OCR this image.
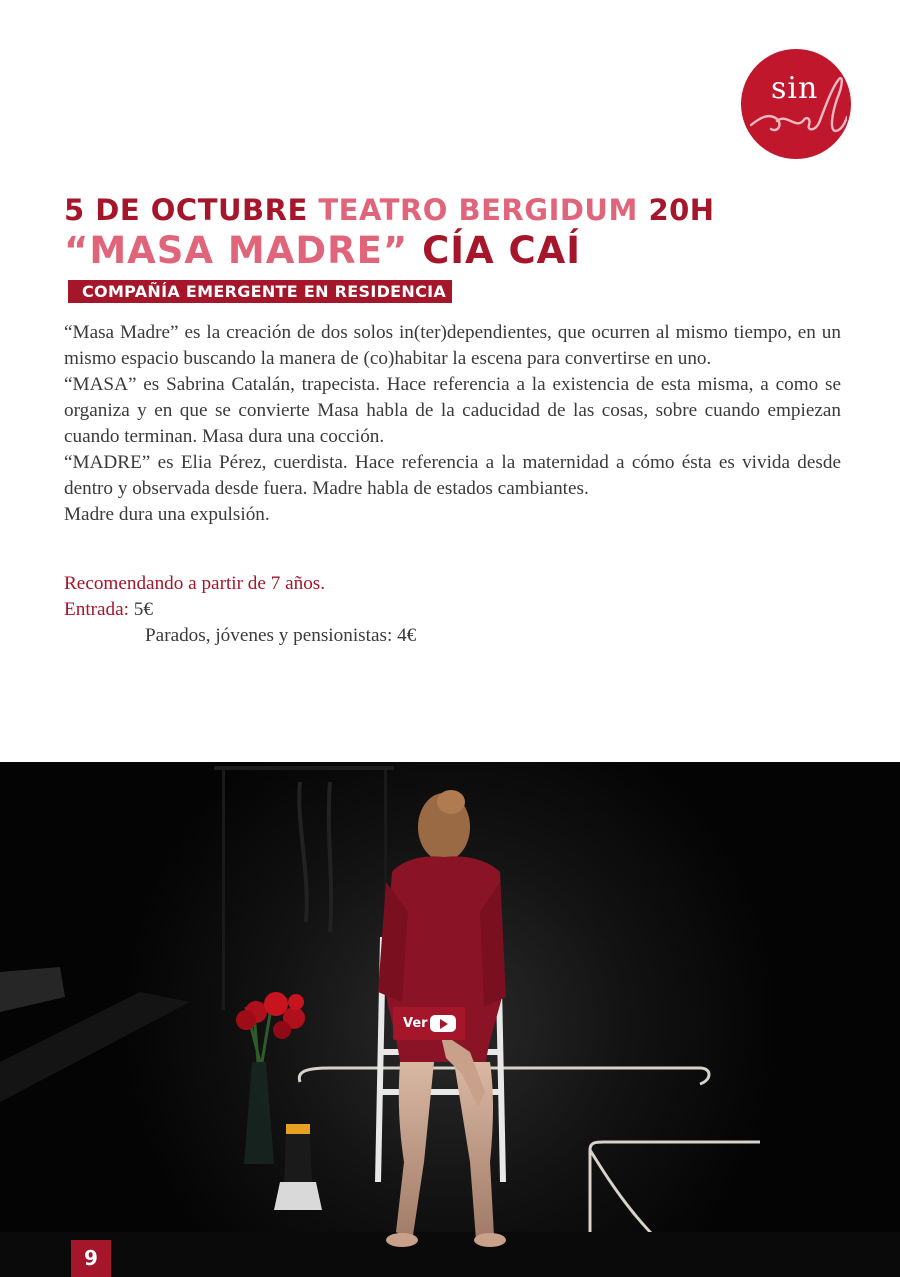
sin
5 DE OCTUBRE TEATRO BERGIDUM 20H
“MASA MADRE” CÍA CAÍ
COMPAÑÍA EMERGENTE EN RESIDENCIA

“Masa Madre” es la creación de dos solos in(ter)dependientes, que ocurren al mismo tiempo, en un mismo espacio buscando la manera de (co)habitar la escena para convertirse en uno.

“MASA” es Sabrina Catalán, trapecista. Hace referencia a la existencia de esta misma, a como se organiza y en que se convierte Masa habla de la caducidad de las cosas, sobre cuando empiezan cuando terminan. Masa dura una cocción.

“MADRE” es Elia Pérez, cuerdista. Hace referencia a la maternidad a cómo ésta es vivida desde dentro y observada desde fuera. Madre habla de estados cambiantes.

Madre dura una expulsión.

Recomendando a partir de 7 años.
Entrada: 5€
Parados, jóvenes y pensionistas: 4€
Ver
9
